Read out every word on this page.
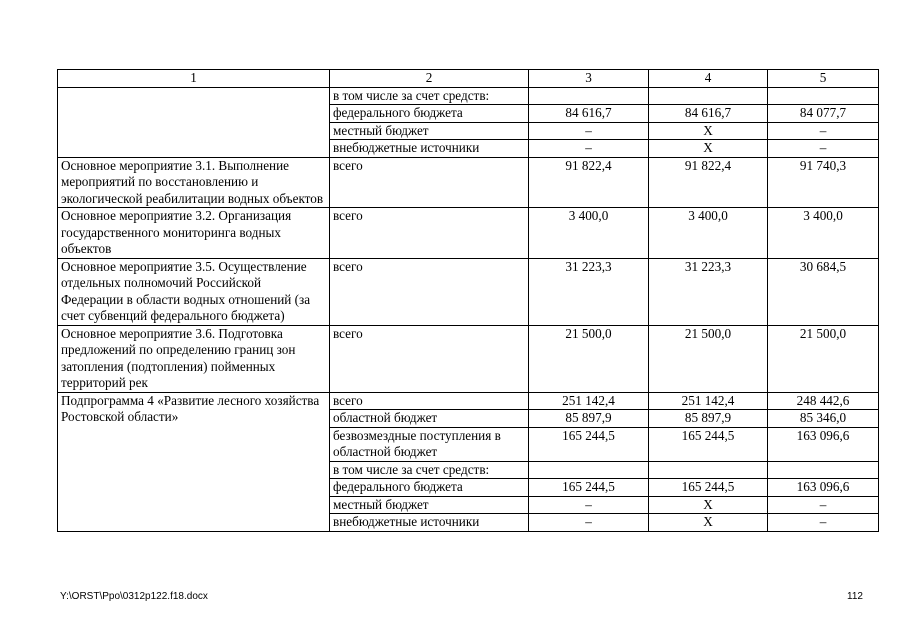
1	2	3	4	5
	в том числе за счет средств:			
	федерального бюджета	84 616,7	84 616,7	84 077,7
	местный бюджет	–	Х	–
	внебюджетные источники	–	Х	–
Основное мероприятие 3.1. Выполнение мероприятий по восстановлению и экологической реабилитации водных объектов	всего	91 822,4	91 822,4	91 740,3
Основное мероприятие 3.2. Организация государственного мониторинга водных объектов	всего	3 400,0	3 400,0	3 400,0
Основное мероприятие 3.5. Осуществление отдельных полномочий Российской Федерации в области водных отношений (за счет субвенций федерального бюджета)	всего	31 223,3	31 223,3	30 684,5
Основное мероприятие 3.6. Подготовка предложений по определению границ зон затопления (подтопления) пойменных территорий рек	всего	21 500,0	21 500,0	21 500,0
Подпрограмма 4 «Развитие лесного хозяйства Ростовской области»	всего	251 142,4	251 142,4	248 442,6
	областной бюджет	85 897,9	85 897,9	85 346,0
	безвозмездные поступления в областной бюджет	165 244,5	165 244,5	163 096,6
	в том числе за счет средств:			
	федерального бюджета	165 244,5	165 244,5	163 096,6
	местный бюджет	–	Х	–
	внебюджетные источники	–	Х	–
Y:\ORST\Ppo\0312p122.f18.docx	112
